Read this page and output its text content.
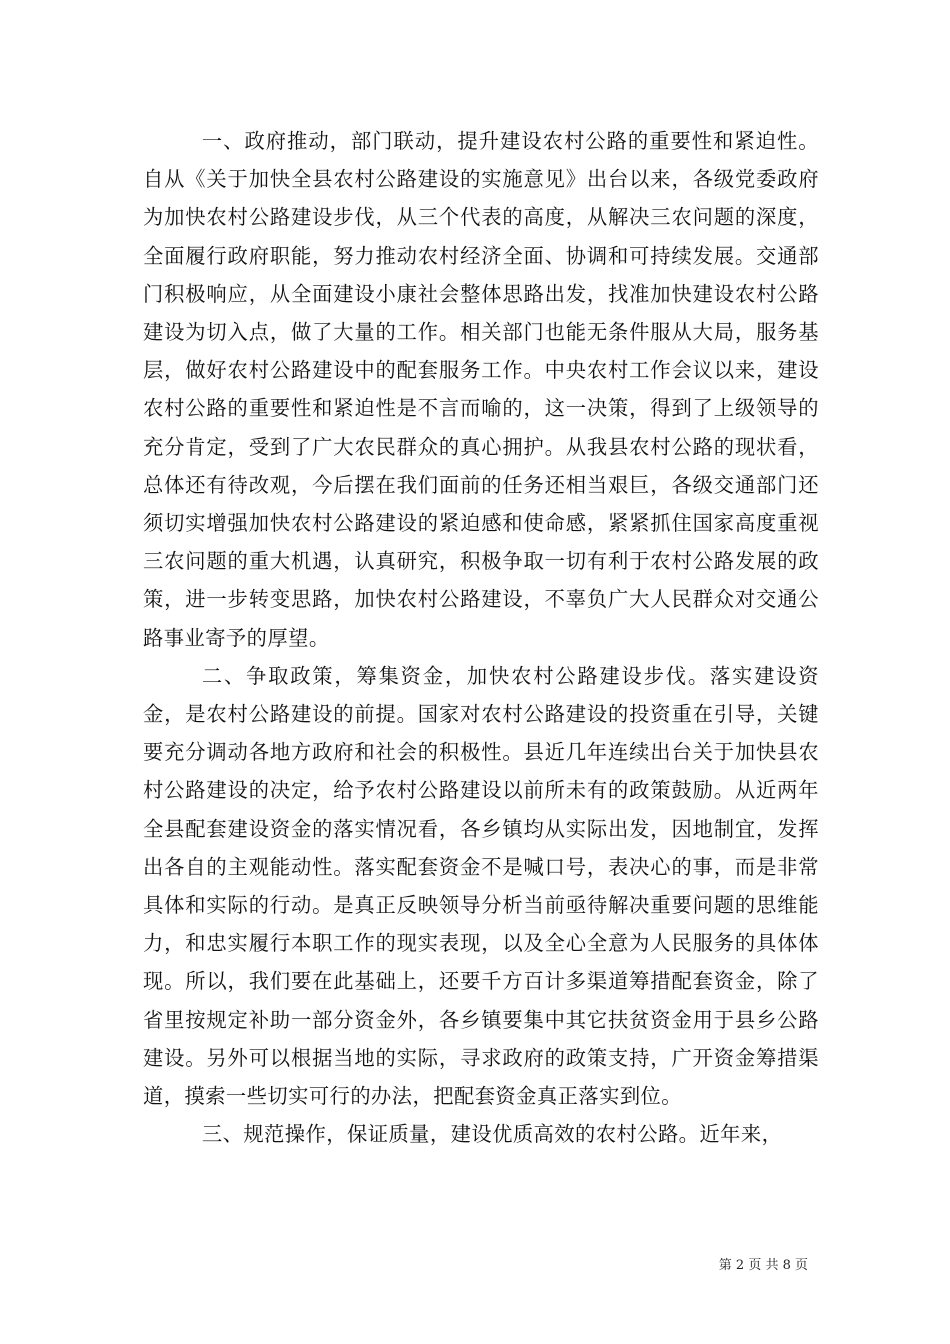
一、政府推动，部门联动，提升建设农村公路的重要性和紧迫性。自从《关于加快全县农村公路建设的实施意见》出台以来，各级党委政府为加快农村公路建设步伐，从三个代表的高度，从解决三农问题的深度，全面履行政府职能，努力推动农村经济全面、协调和可持续发展。交通部门积极响应，从全面建设小康社会整体思路出发，找准加快建设农村公路建设为切入点，做了大量的工作。相关部门也能无条件服从大局，服务基层，做好农村公路建设中的配套服务工作。中央农村工作会议以来，建设农村公路的重要性和紧迫性是不言而喻的，这一决策，得到了上级领导的充分肯定，受到了广大农民群众的真心拥护。从我县农村公路的现状看，总体还有待改观，今后摆在我们面前的任务还相当艰巨，各级交通部门还须切实增强加快农村公路建设的紧迫感和使命感，紧紧抓住国家高度重视三农问题的重大机遇，认真研究，积极争取一切有利于农村公路发展的政策，进一步转变思路，加快农村公路建设，不辜负广大人民群众对交通公路事业寄予的厚望。

二、争取政策，筹集资金，加快农村公路建设步伐。落实建设资金，是农村公路建设的前提。国家对农村公路建设的投资重在引导，关键要充分调动各地方政府和社会的积极性。县近几年连续出台关于加快县农村公路建设的决定，给予农村公路建设以前所未有的政策鼓励。从近两年全县配套建设资金的落实情况看，各乡镇均从实际出发，因地制宜，发挥出各自的主观能动性。落实配套资金不是喊口号，表决心的事，而是非常具体和实际的行动。是真正反映领导分析当前亟待解决重要问题的思维能力，和忠实履行本职工作的现实表现，以及全心全意为人民服务的具体体现。所以，我们要在此基础上，还要千方百计多渠道筹措配套资金，除了省里按规定补助一部分资金外，各乡镇要集中其它扶贫资金用于县乡公路建设。另外可以根据当地的实际，寻求政府的政策支持，广开资金筹措渠道，摸索一些切实可行的办法，把配套资金真正落实到位。

三、规范操作，保证质量，建设优质高效的农村公路。近年来，

第 2 页 共 8 页
